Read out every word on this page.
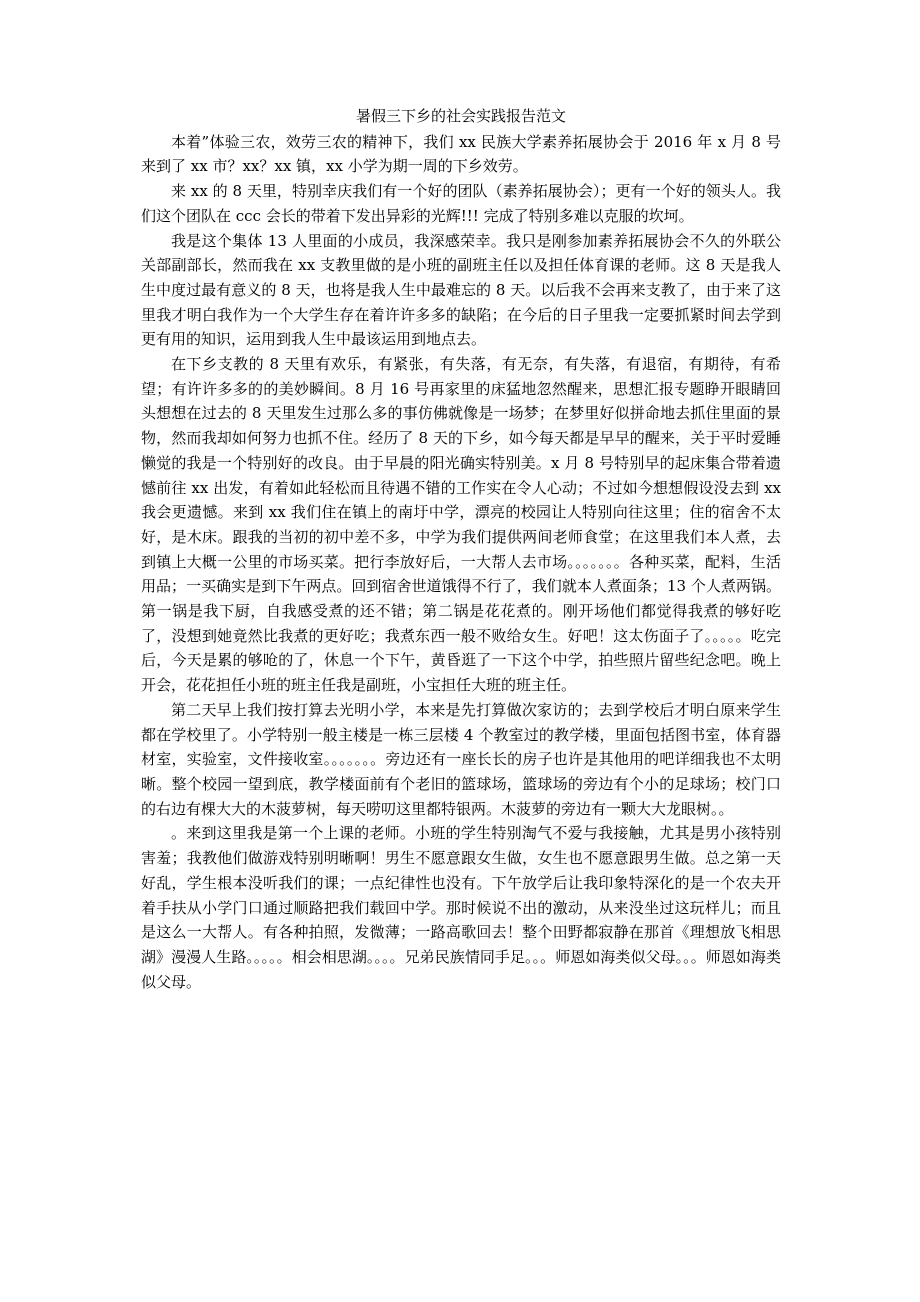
暑假三下乡的社会实践报告范文

本着”体验三农，效劳三农的精神下，我们 xx 民族大学素养拓展协会于 2016 年 x 月 8 号来到了 xx 市？xx？xx 镇，xx 小学为期一周的下乡效劳。

来 xx 的 8 天里，特别幸庆我们有一个好的团队（素养拓展协会）；更有一个好的领头人。我们这个团队在 ccc 会长的带着下发出异彩的光辉!!! 完成了特别多难以克服的坎坷。

我是这个集体 13 人里面的小成员，我深感荣幸。我只是刚参加素养拓展协会不久的外联公关部副部长，然而我在 xx 支教里做的是小班的副班主任以及担任体育课的老师。这 8 天是我人生中度过最有意义的 8 天，也将是我人生中最难忘的 8 天。以后我不会再来支教了，由于来了这里我才明白我作为一个大学生存在着许许多多的缺陷；在今后的日子里我一定要抓紧时间去学到更有用的知识，运用到我人生中最该运用到地点去。

在下乡支教的 8 天里有欢乐，有紧张，有失落，有无奈，有失落，有退宿，有期待，有希望；有许许多多的的美妙瞬间。8 月 16 号再家里的床猛地忽然醒来，思想汇报专题睁开眼睛回头想想在过去的 8 天里发生过那么多的事仿佛就像是一场梦；在梦里好似拼命地去抓住里面的景物，然而我却如何努力也抓不住。经历了 8 天的下乡，如今每天都是早早的醒来，关于平时爱睡懒觉的我是一个特别好的改良。由于早晨的阳光确实特别美。x 月 8 号特别早的起床集合带着遗憾前往 xx 出发，有着如此轻松而且待遇不错的工作实在令人心动；不过如今想想假设没去到 xx 我会更遗憾。来到 xx 我们住在镇上的南圩中学，漂亮的校园让人特别向往这里；住的宿舍不太好，是木床。跟我的当初的初中差不多，中学为我们提供两间老师食堂；在这里我们本人煮，去到镇上大概一公里的市场买菜。把行李放好后，一大帮人去市场。。。。。。。各种买菜，配料，生活用品；一买确实是到下午两点。回到宿舍世道饿得不行了，我们就本人煮面条；13 个人煮两锅。第一锅是我下厨，自我感受煮的还不错；第二锅是花花煮的。刚开场他们都觉得我煮的够好吃了，没想到她竟然比我煮的更好吃；我煮东西一般不败给女生。好吧！这太伤面子了。。。。。吃完后，今天是累的够呛的了，休息一个下午，黄昏逛了一下这个中学，拍些照片留些纪念吧。晚上开会，花花担任小班的班主任我是副班，小宝担任大班的班主任。

第二天早上我们按打算去光明小学，本来是先打算做次家访的；去到学校后才明白原来学生都在学校里了。小学特别一般主楼是一栋三层楼 4 个教室过的教学楼，里面包括图书室，体育器材室，实验室，文件接收室。。。。。。。旁边还有一座长长的房子也许是其他用的吧详细我也不太明晰。整个校园一望到底，教学楼面前有个老旧的篮球场，篮球场的旁边有个小的足球场；校门口的右边有棵大大的木菠萝树，每天唠叨这里都特银两。木菠萝的旁边有一颗大大龙眼树。。

。来到这里我是第一个上课的老师。小班的学生特别淘气不爱与我接触，尤其是男小孩特别害羞；我教他们做游戏特别明晰啊！男生不愿意跟女生做，女生也不愿意跟男生做。总之第一天好乱，学生根本没听我们的课；一点纪律性也没有。下午放学后让我印象特深化的是一个农夫开着手扶从小学门口通过顺路把我们载回中学。那时候说不出的激动，从来没坐过这玩样儿；而且是这么一大帮人。有各种拍照，发微薄；一路高歌回去！整个田野都寂静在那首《理想放飞相思湖》漫漫人生路。。。。。相会相思湖。。。。兄弟民族情同手足。。。师恩如海类似父母。。。师恩如海类似父母。
